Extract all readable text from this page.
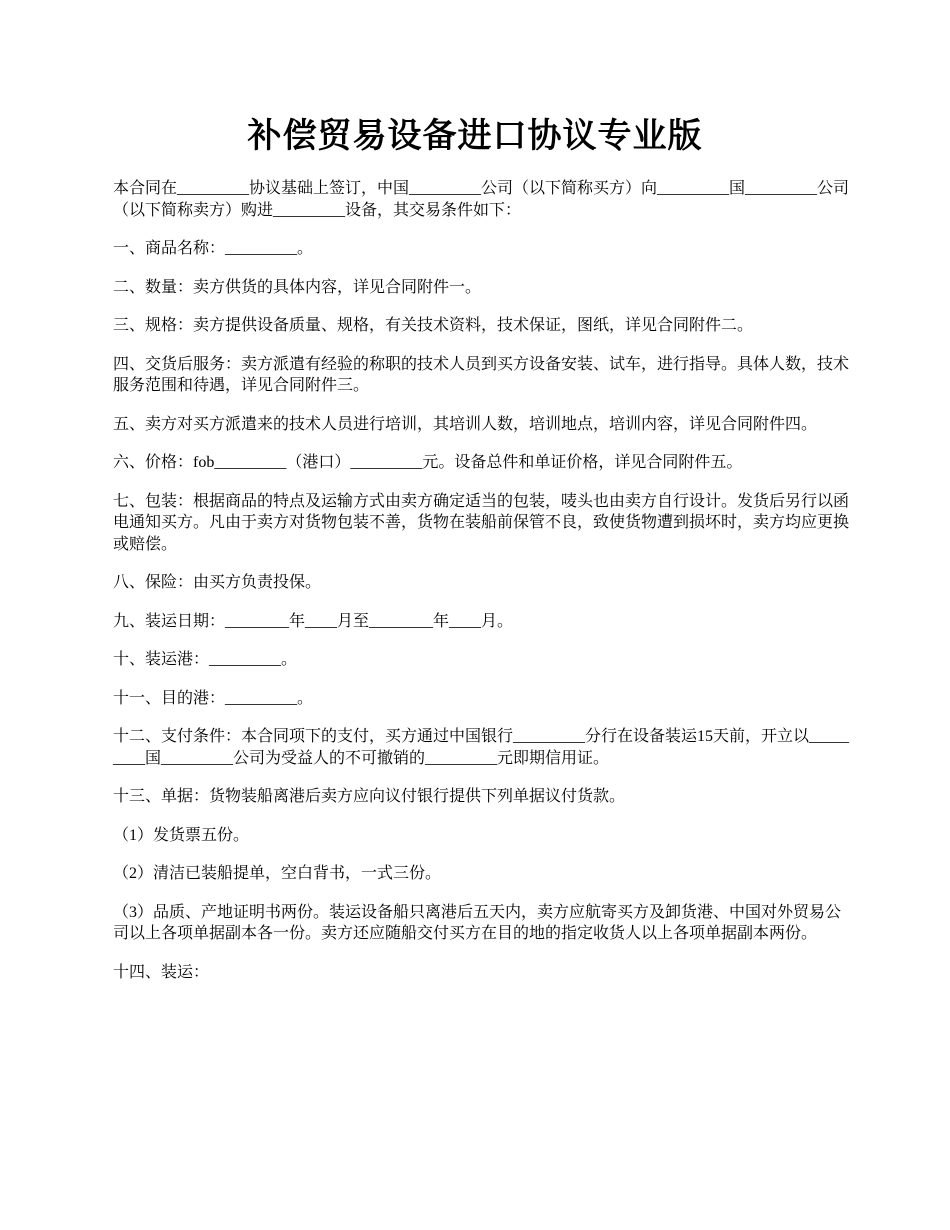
补偿贸易设备进口协议专业版

本合同在_________协议基础上签订，中国_________公司（以下简称买方）向_________国_________公司（以下简称卖方）购进_________设备，其交易条件如下：

一、商品名称：_________。

二、数量：卖方供货的具体内容，详见合同附件一。

三、规格：卖方提供设备质量、规格，有关技术资料，技术保证，图纸，详见合同附件二。

四、交货后服务：卖方派遣有经验的称职的技术人员到买方设备安装、试车，进行指导。具体人数，技术服务范围和待遇，详见合同附件三。

五、卖方对买方派遣来的技术人员进行培训，其培训人数，培训地点，培训内容，详见合同附件四。

六、价格：fob_________（港口）_________元。设备总件和单证价格，详见合同附件五。

七、包装：根据商品的特点及运输方式由卖方确定适当的包装，唛头也由卖方自行设计。发货后另行以函电通知买方。凡由于卖方对货物包装不善，货物在装船前保管不良，致使货物遭到损坏时，卖方均应更换或赔偿。

八、保险：由买方负责投保。

九、装运日期：________年____月至________年____月。

十、装运港：_________。

十一、目的港：_________。

十二、支付条件：本合同项下的支付，买方通过中国银行_________分行在设备装运15天前，开立以_________国_________公司为受益人的不可撤销的_________元即期信用证。

十三、单据：货物装船离港后卖方应向议付银行提供下列单据议付货款。

（1）发货票五份。

（2）清洁已装船提单，空白背书，一式三份。

（3）品质、产地证明书两份。装运设备船只离港后五天内，卖方应航寄买方及卸货港、中国对外贸易公司以上各项单据副本各一份。卖方还应随船交付买方在目的地的指定收货人以上各项单据副本两份。

十四、装运：
